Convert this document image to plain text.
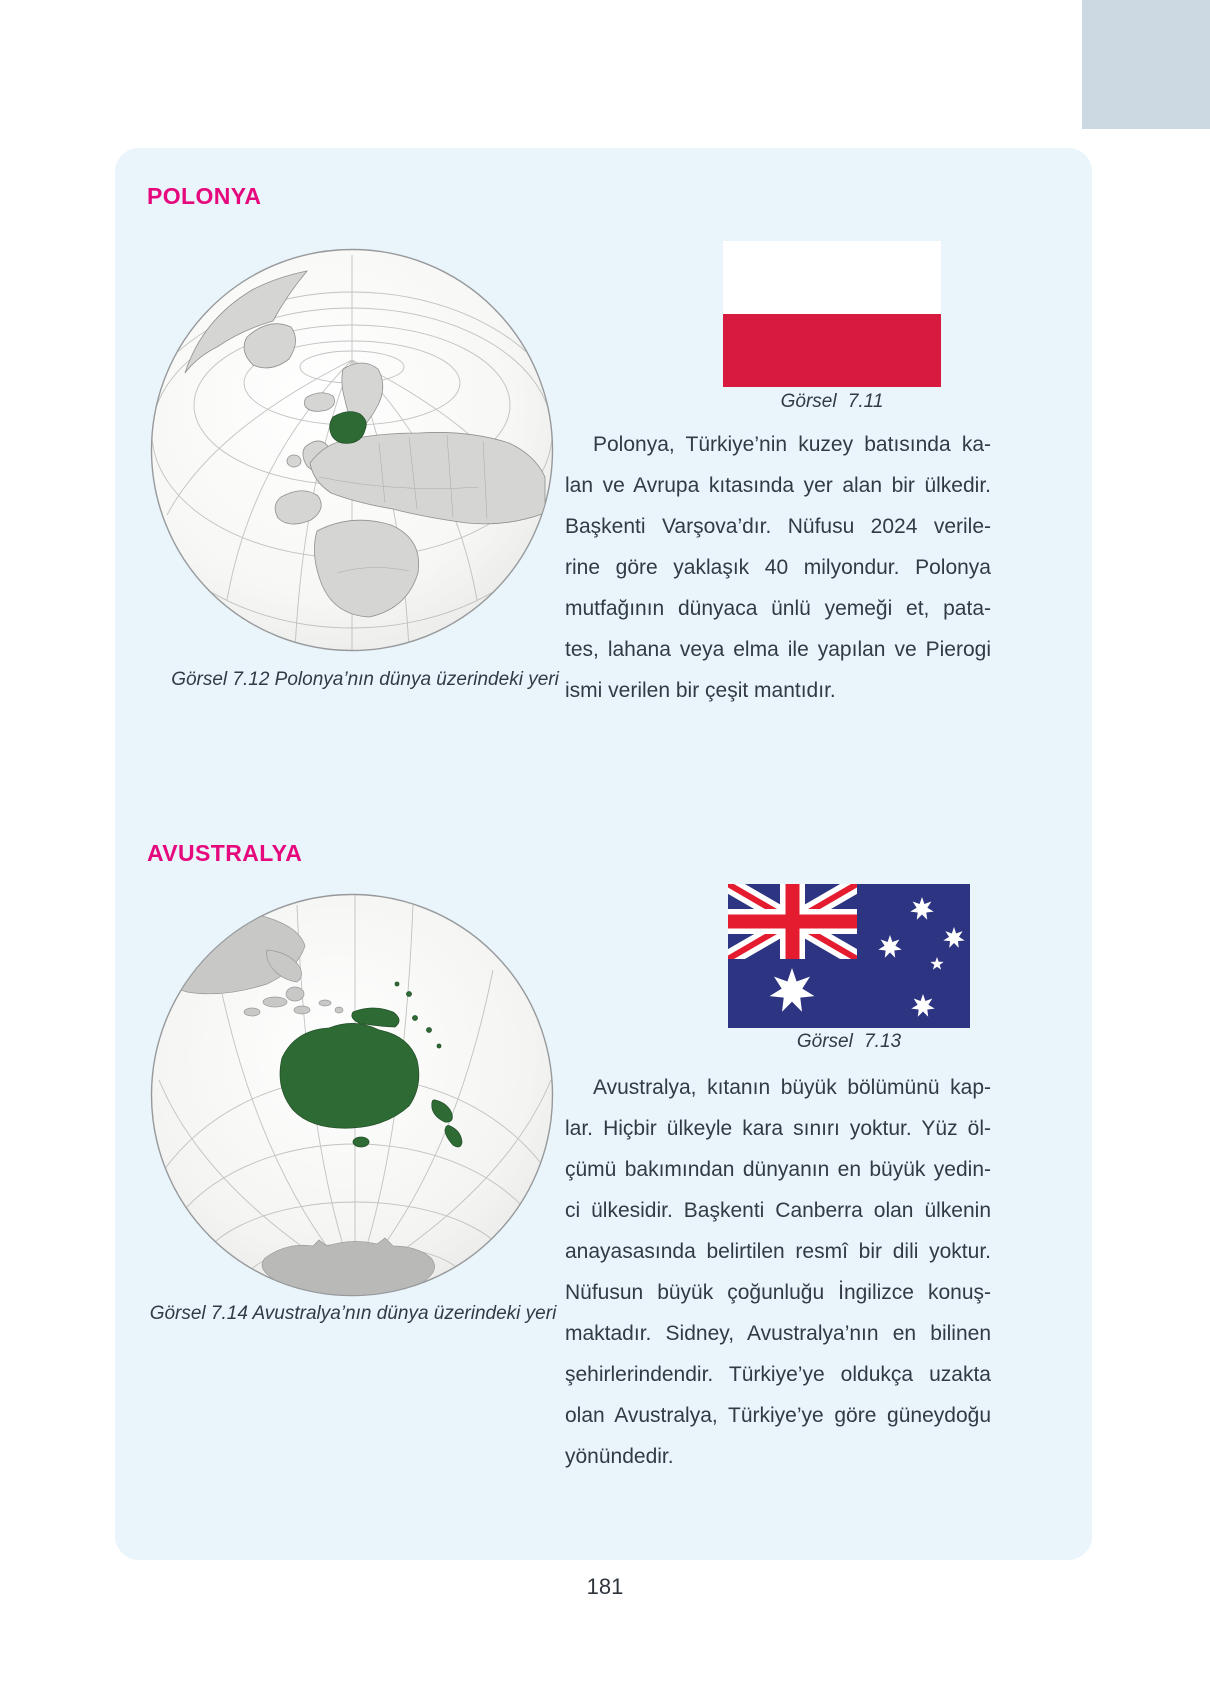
POLONYA
Görsel 7.11
Polonya, Türkiye’nin kuzey batısında ka-
lan ve Avrupa kıtasında yer alan bir ülkedir.
Başkenti Varşova’dır. Nüfusu 2024 verile-
rine göre yaklaşık 40 milyondur. Polonya
mutfağının dünyaca ünlü yemeği et, pata-
tes, lahana veya elma ile yapılan ve Pierogi
ismi verilen bir çeşit mantıdır.
Görsel 7.12 Polonya’nın dünya üzerindeki yeri
AVUSTRALYA
Görsel 7.13
Avustralya, kıtanın büyük bölümünü kap-
lar. Hiçbir ülkeyle kara sınırı yoktur. Yüz öl-
çümü bakımından dünyanın en büyük yedin-
ci ülkesidir. Başkenti Canberra olan ülkenin
anayasasında belirtilen resmî bir dili yoktur.
Nüfusun büyük çoğunluğu İngilizce konuş-
maktadır. Sidney, Avustralya’nın en bilinen
şehirlerindendir. Türkiye’ye oldukça uzakta
olan Avustralya, Türkiye’ye göre güneydoğu
yönündedir.
Görsel 7.14 Avustralya’nın dünya üzerindeki yeri
181
